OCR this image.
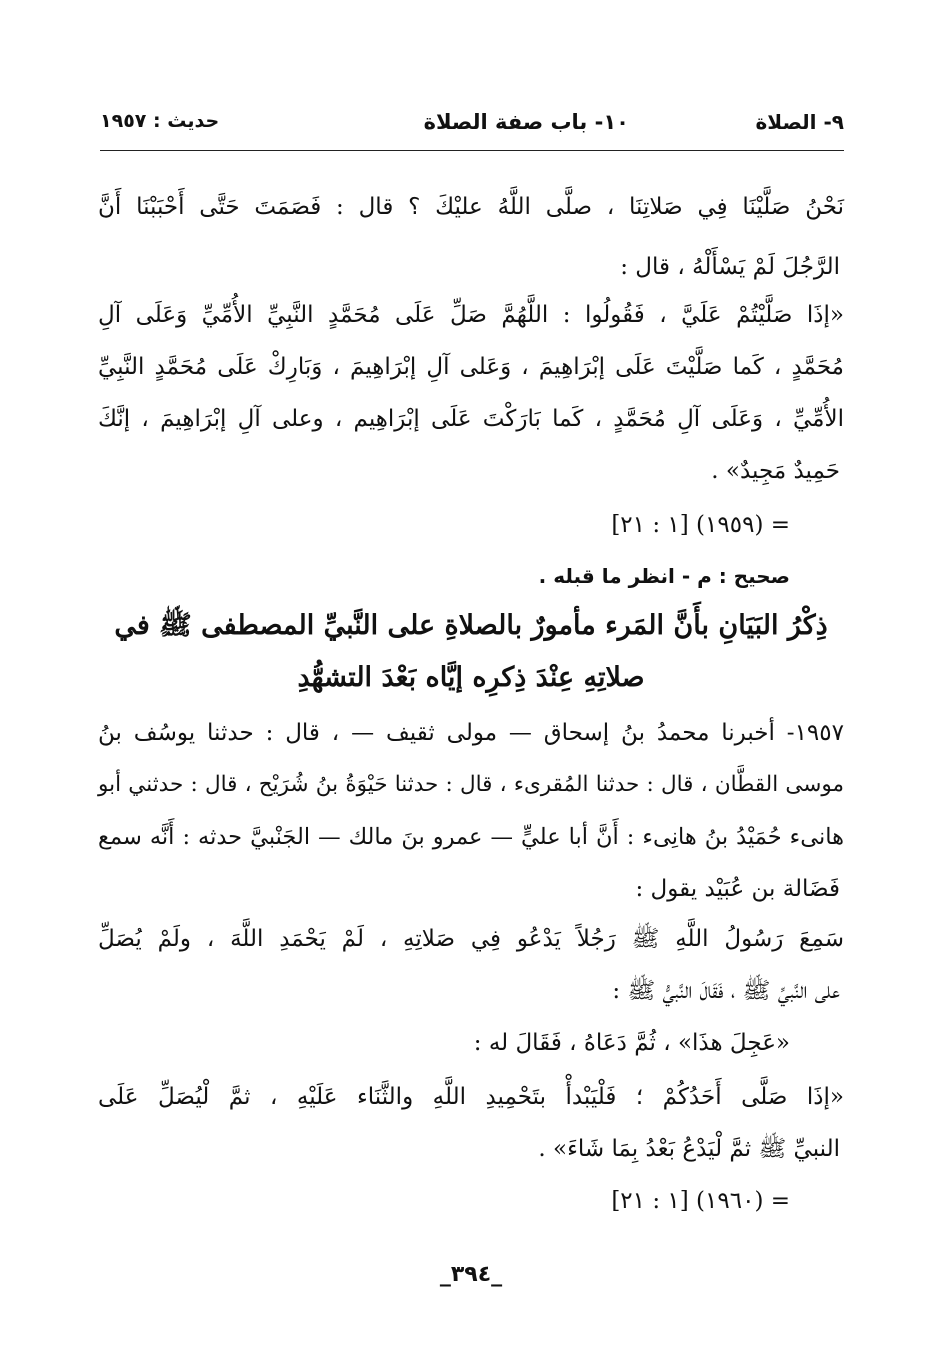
٩- الصلاة
١٠- باب صفة الصلاة
حديث : ١٩٥٧
نَحْنُ صَلَّيْنَا فِي صَلاتِنَا ، صلَّى اللَّهُ عليْكَ ؟ قال : فَصَمَتَ حَتَّى أَحْبَبْنَا أَنَّ
الرَّجُلَ لَمْ يَسْأَلْهُ ، قال :
«إذَا صَلَّيْتُمْ عَلَيَّ ، فَقُولُوا : اللَّهُمَّ صَلِّ عَلَى مُحَمَّدٍ النَّبِيِّ الأُمِّيِّ وَعَلَى آلِ
مُحَمَّدٍ ، كَما صَلَّيْتَ عَلَى إبْرَاهِيمَ ، وَعَلى آلِ إبْرَاهِيمَ ، وَبَارِكْ عَلَى مُحَمَّدٍ النَّبِيِّ
الأُمِّيِّ ، وَعَلَى آلِ مُحَمَّدٍ ، كَما بَارَكْتَ عَلَى إبْرَاهِيم ، وعلى آلِ إبْرَاهِيمَ ، إنَّكَ
حَمِيدٌ مَجِيدٌ» .
= (١٩٥٩) [١ : ٢١]
صحيح : م - انظر ما قبله .
ذِكْرُ البَيَانِ بأَنَّ المَرء مأمورٌ بالصلاةِ على النَّبيِّ المصطفى ﷺ في
صلاتِهِ عِنْدَ ذِكرِه إيَّاه بَعْدَ التشهُّدِ
١٩٥٧- أخبرنا محمدُ بنُ إسحاق — مولى ثقيف — ، قال : حدثنا يوسُف بنُ
موسى القطَّان ، قال : حدثنا المُقرىء ، قال : حدثنا حَيْوَةُ بنُ شُرَيْح ، قال : حدثني أبو
هانىء حُمَيْدُ بنُ هانِىء : أَنَّ أبا عليٍّ — عمرو بنَ مالك — الجَنْبيَّ حدثه : أَنَّه سمع
فَضَالة بن عُبَيْد يقول :
سَمِعَ رَسُولُ اللَّهِ ﷺ رَجُلاً يَدْعُو فِي صَلاتِهِ ، لَمْ يَحْمَدِ اللَّهَ ، ولَمْ يُصَلِّ
على النَّبيِّ ﷺ ، فَقَالَ النَّبيُّ ﷺ :
«عَجِلَ هذَا» ، ثُمَّ دَعَاهُ ، فَقَالَ له :
«إذَا صَلَّى أَحَدُكُمْ ؛ فَلْيَبْدأْ بتَحْمِيدِ اللَّهِ والثَّنَاء عَلَيْهِ ، ثمَّ لْيُصَلِّ عَلَى
النبيِّ ﷺ ثمَّ لْيَدْعُ بَعْدُ بِمَا شَاءَ» .
= (١٩٦٠) [١ : ٢١]
_٣٩٤_
